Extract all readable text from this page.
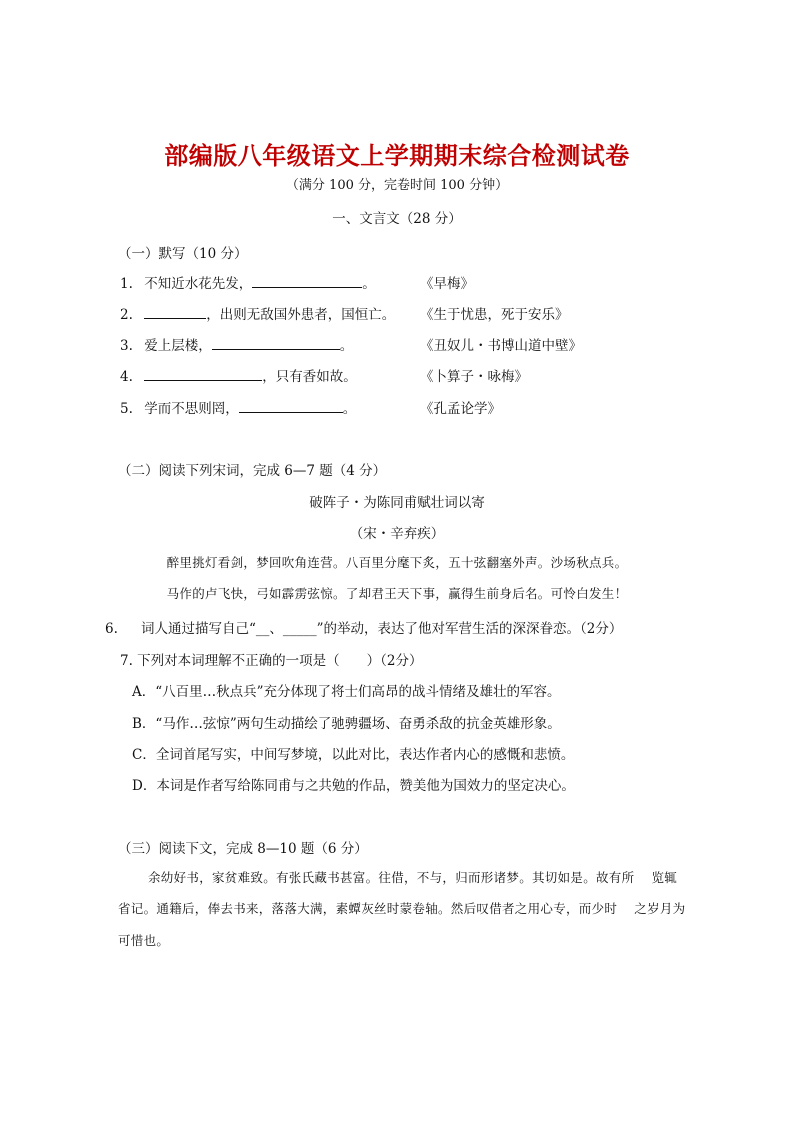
部编版八年级语文上学期期末综合检测试卷
（满分 100 分，完卷时间 100 分钟）
一、文言文（28 分）
（一）默写（10 分）
1. 不知近水花先发，	。	《早梅》
2.	，出则无敌国外患者，国恒亡。 《生于忧患，死于安乐》
3. 爱上层楼，	。	《丑奴儿・书博山道中壁》
4.	，只有香如故。	《卜算子・咏梅》
5. 学而不思则罔，	。	《孔孟论学》
（二）阅读下列宋词，完成 6—7 题（4 分）
破阵子・为陈同甫赋壮词以寄
（宋・辛弃疾）
醉里挑灯看剑，梦回吹角连营。八百里分麾下炙，五十弦翻塞外声。沙场秋点兵。
马作的卢飞快，弓如霹雳弦惊。了却君王天下事，赢得生前身后名。可怜白发生！
6. 词人通过描写自己“__、_____”的举动，表达了他对军营生活的深深眷恋。（2分）
7. 下列对本词理解不正确的一项是（　　）（2分）
A．“八百里…秋点兵”充分体现了将士们高昂的战斗情绪及雄壮的军容。
B．“马作…弦惊”两句生动描绘了驰骋疆场、奋勇杀敌的抗金英雄形象。
C．全词首尾写实，中间写梦境，以此对比，表达作者内心的感慨和悲愤。
D．本词是作者写给陈同甫与之共勉的作品，赞美他为国效力的坚定决心。
（三）阅读下文，完成 8—10 题（6 分）
余幼好书，家贫难致。有张氏藏书甚富。往借，不与，归而形诸梦。其切如是。故有所　 览辄
省记。通籍后，俸去书来，落落大满，素蟫灰丝时蒙卷轴。然后叹借者之用心专，而少时　 之岁月为
可惜也。
